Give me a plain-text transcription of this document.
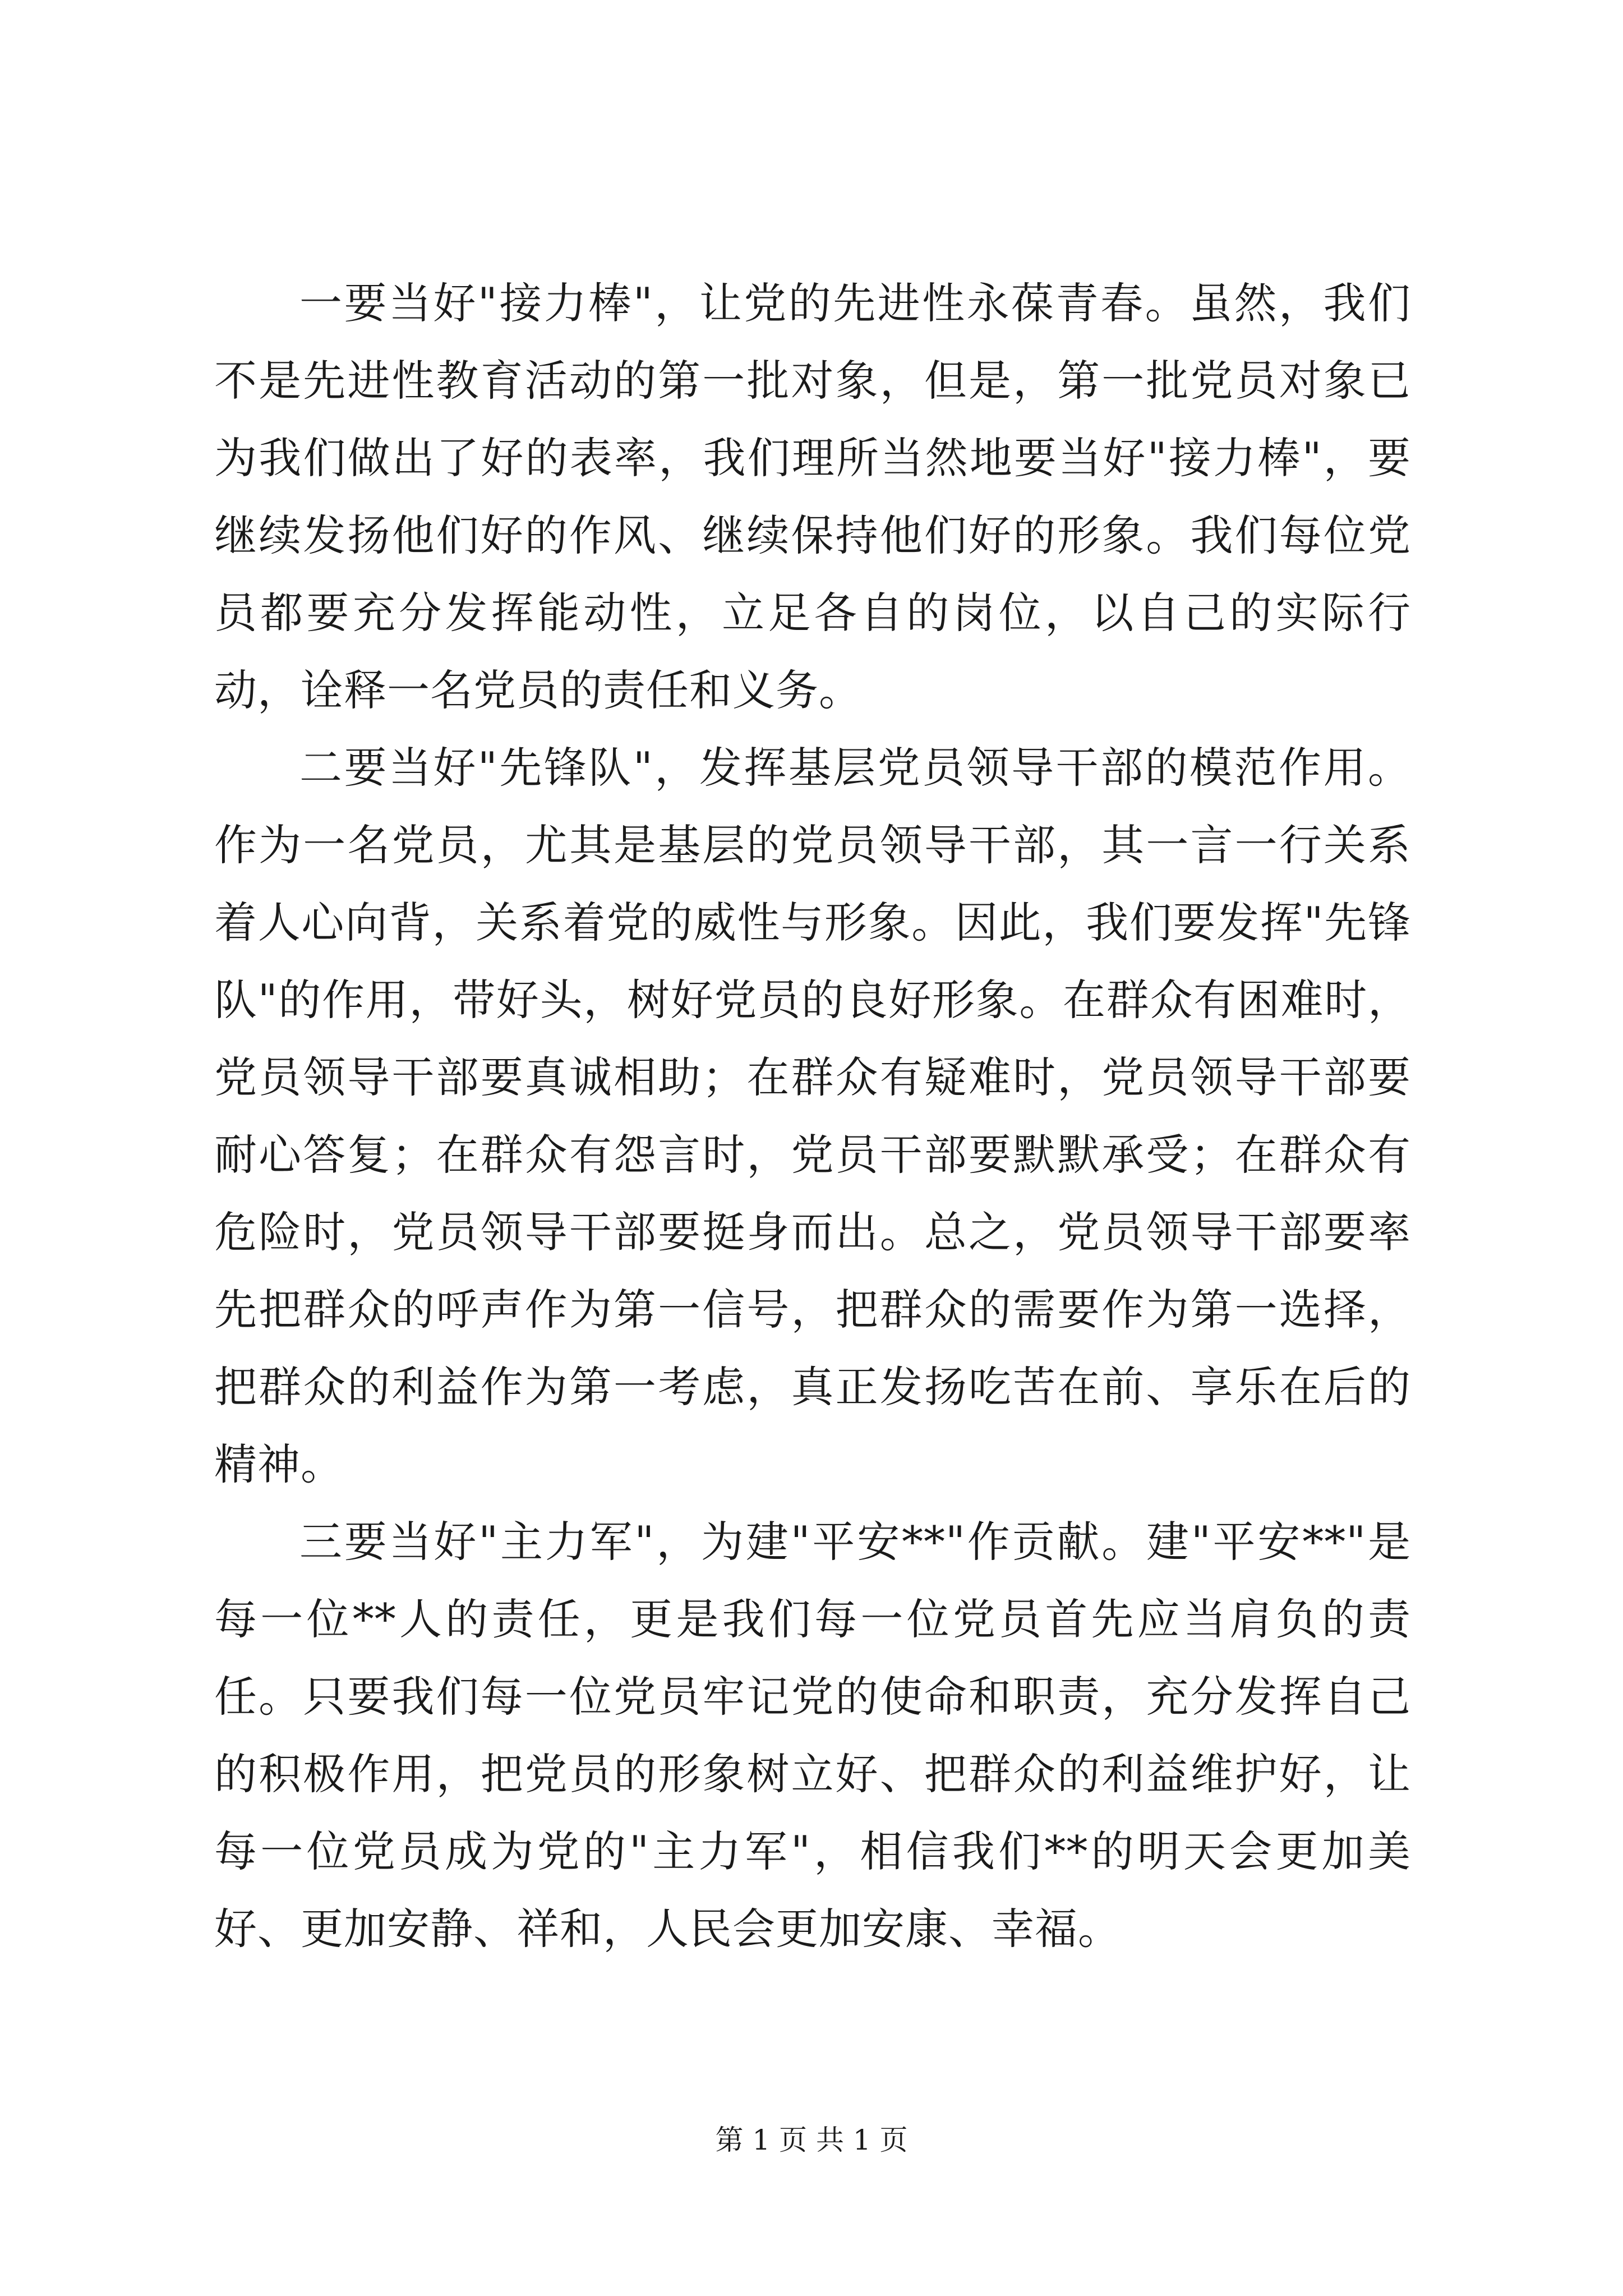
一要当好"接力棒"，让党的先进性永葆青春。虽然，我们不是先进性教育活动的第一批对象，但是，第一批党员对象已为我们做出了好的表率，我们理所当然地要当好"接力棒"，要继续发扬他们好的作风、继续保持他们好的形象。我们每位党员都要充分发挥能动性，立足各自的岗位，以自己的实际行动，诠释一名党员的责任和义务。

二要当好"先锋队"，发挥基层党员领导干部的模范作用。作为一名党员，尤其是基层的党员领导干部，其一言一行关系着人心向背，关系着党的威性与形象。因此，我们要发挥"先锋队"的作用，带好头，树好党员的良好形象。在群众有困难时，党员领导干部要真诚相助；在群众有疑难时，党员领导干部要耐心答复；在群众有怨言时，党员干部要默默承受；在群众有危险时，党员领导干部要挺身而出。总之，党员领导干部要率先把群众的呼声作为第一信号，把群众的需要作为第一选择，把群众的利益作为第一考虑，真正发扬吃苦在前、享乐在后的精神。

三要当好"主力军"，为建"平安**"作贡献。建"平安**"是每一位**人的责任，更是我们每一位党员首先应当肩负的责任。只要我们每一位党员牢记党的使命和职责，充分发挥自己的积极作用，把党员的形象树立好、把群众的利益维护好，让每一位党员成为党的"主力军"，相信我们**的明天会更加美好、更加安静、祥和，人民会更加安康、幸福。

第 1 页 共 1 页
